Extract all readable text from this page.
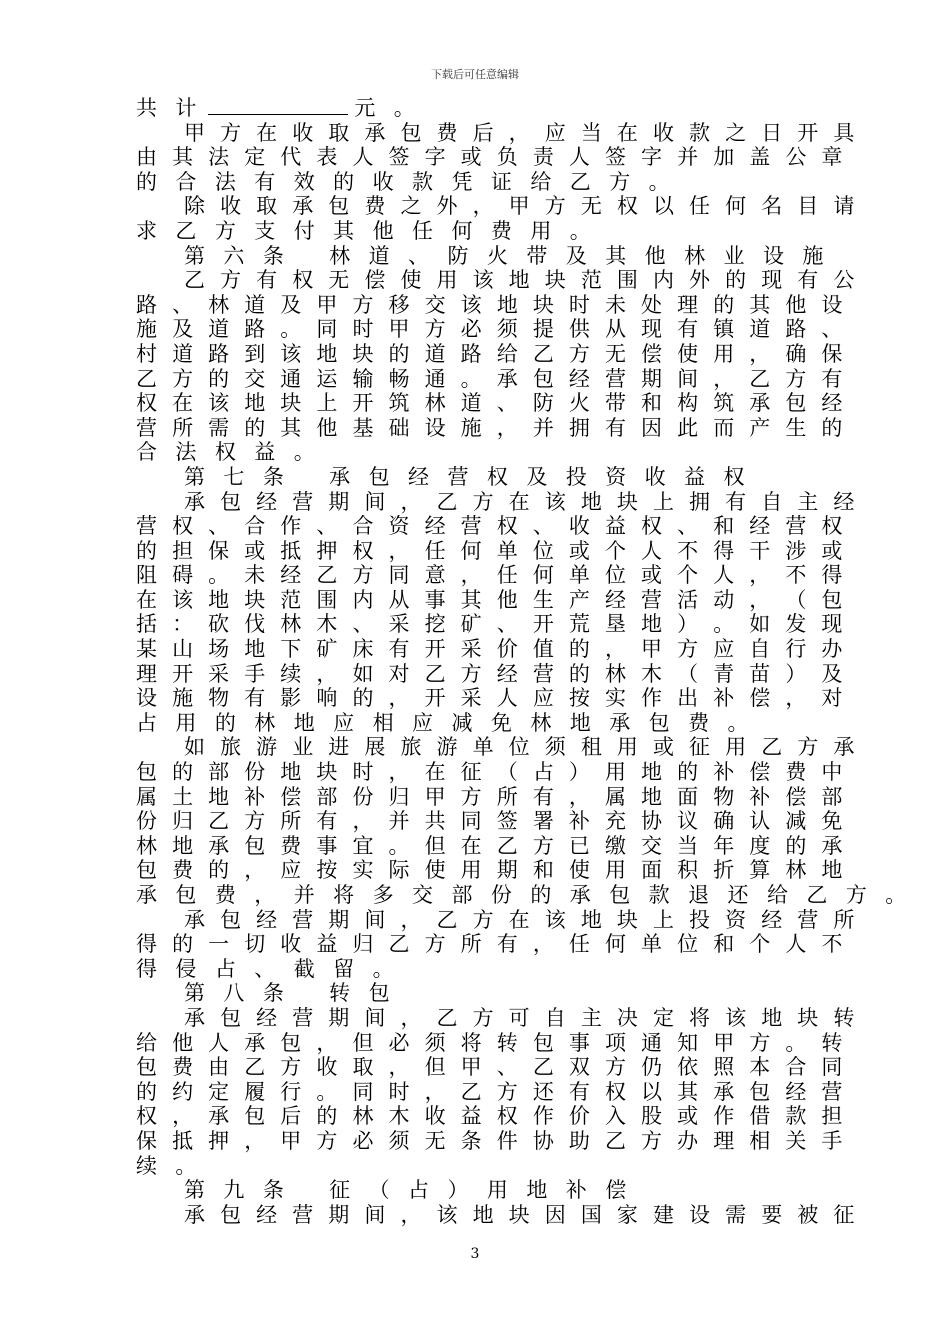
下载后可任意编辑
共 计	元 。
甲 方 在 收 取 承 包 费 后 ， 应 当 在 收 款 之 日 开 具
由 其 法 定 代 表 人 签 字 或 负 责 人 签 字 并 加 盖 公 章
的 合 法 有 效 的 收 款 凭 证 给 乙 方 。
除 收 取 承 包 费 之 外 ， 甲 方 无 权 以 任 何 名 目 请
求 乙 方 支 付 其 他 任 何 费 用 。
第 六 条　 林 道 、 防 火 带 及 其 他 林 业 设 施
乙 方 有 权 无 偿 使 用 该 地 块 范 围 内 外 的 现 有 公
路 、 林 道 及 甲 方 移 交 该 地 块 时 未 处 理 的 其 他 设
施 及 道 路 。 同 时 甲 方 必 须 提 供 从 现 有 镇 道 路 、
村 道 路 到 该 地 块 的 道 路 给 乙 方 无 偿 使 用 ， 确 保
乙 方 的 交 通 运 输 畅 通 。 承 包 经 营 期 间 ， 乙 方 有
权 在 该 地 块 上 开 筑 林 道 、 防 火 带 和 构 筑 承 包 经
营 所 需 的 其 他 基 础 设 施 ， 并 拥 有 因 此 而 产 生 的
合 法 权 益 。
第 七 条　 承 包 经 营 权 及 投 资 收 益 权
承 包 经 营 期 间 ， 乙 方 在 该 地 块 上 拥 有 自 主 经
营 权 、 合 作 、 合 资 经 营 权 、 收 益 权 、 和 经 营 权
的 担 保 或 抵 押 权 ， 任 何 单 位 或 个 人 不 得 干 涉 或
阻 碍 。 未 经 乙 方 同 意 ， 任 何 单 位 或 个 人 ， 不 得
在 该 地 块 范 围 内 从 事 其 他 生 产 经 营 活 动 ， （ 包
括 ： 砍 伐 林 木 、 采 挖 矿 、 开 荒 垦 地 ） 。 如 发 现
某 山 场 地 下 矿 床 有 开 采 价 值 的 ， 甲 方 应 自 行 办
理 开 采 手 续 ， 如 对 乙 方 经 营 的 林 木 （ 青 苗 ） 及
设 施 物 有 影 响 的 ， 开 采 人 应 按 实 作 出 补 偿 ， 对
占 用 的 林 地 应 相 应 减 免 林 地 承 包 费 。
如 旅 游 业 进 展 旅 游 单 位 须 租 用 或 征 用 乙 方 承
包 的 部 份 地 块 时 ， 在 征 （ 占 ） 用 地 的 补 偿 费 中
属 土 地 补 偿 部 份 归 甲 方 所 有 ， 属 地 面 物 补 偿 部
份 归 乙 方 所 有 ， 并 共 同 签 署 补 充 协 议 确 认 减 免
林 地 承 包 费 事 宜 。 但 在 乙 方 已 缴 交 当 年 度 的 承
包 费 的 ， 应 按 实 际 使 用 期 和 使 用 面 积 折 算 林 地
承 包 费 ， 并 将 多 交 部 份 的 承 包 款 退 还 给 乙 方 。
承 包 经 营 期 间 ， 乙 方 在 该 地 块 上 投 资 经 营 所
得 的 一 切 收 益 归 乙 方 所 有 ， 任 何 单 位 和 个 人 不
得 侵 占 、 截 留 。
第 八 条　 转 包
承 包 经 营 期 间 ， 乙 方 可 自 主 决 定 将 该 地 块 转
给 他 人 承 包 ， 但 必 须 将 转 包 事 项 通 知 甲 方 。 转
包 费 由 乙 方 收 取 ， 但 甲 、 乙 双 方 仍 依 照 本 合 同
的 约 定 履 行 。 同 时 ， 乙 方 还 有 权 以 其 承 包 经 营
权 ， 承 包 后 的 林 木 收 益 权 作 价 入 股 或 作 借 款 担
保 抵 押 ， 甲 方 必 须 无 条 件 协 助 乙 方 办 理 相 关 手
续 。
第 九 条　 征 （ 占 ） 用 地 补 偿
承 包 经 营 期 间 ， 该 地 块 因 国 家 建 设 需 要 被 征
3
